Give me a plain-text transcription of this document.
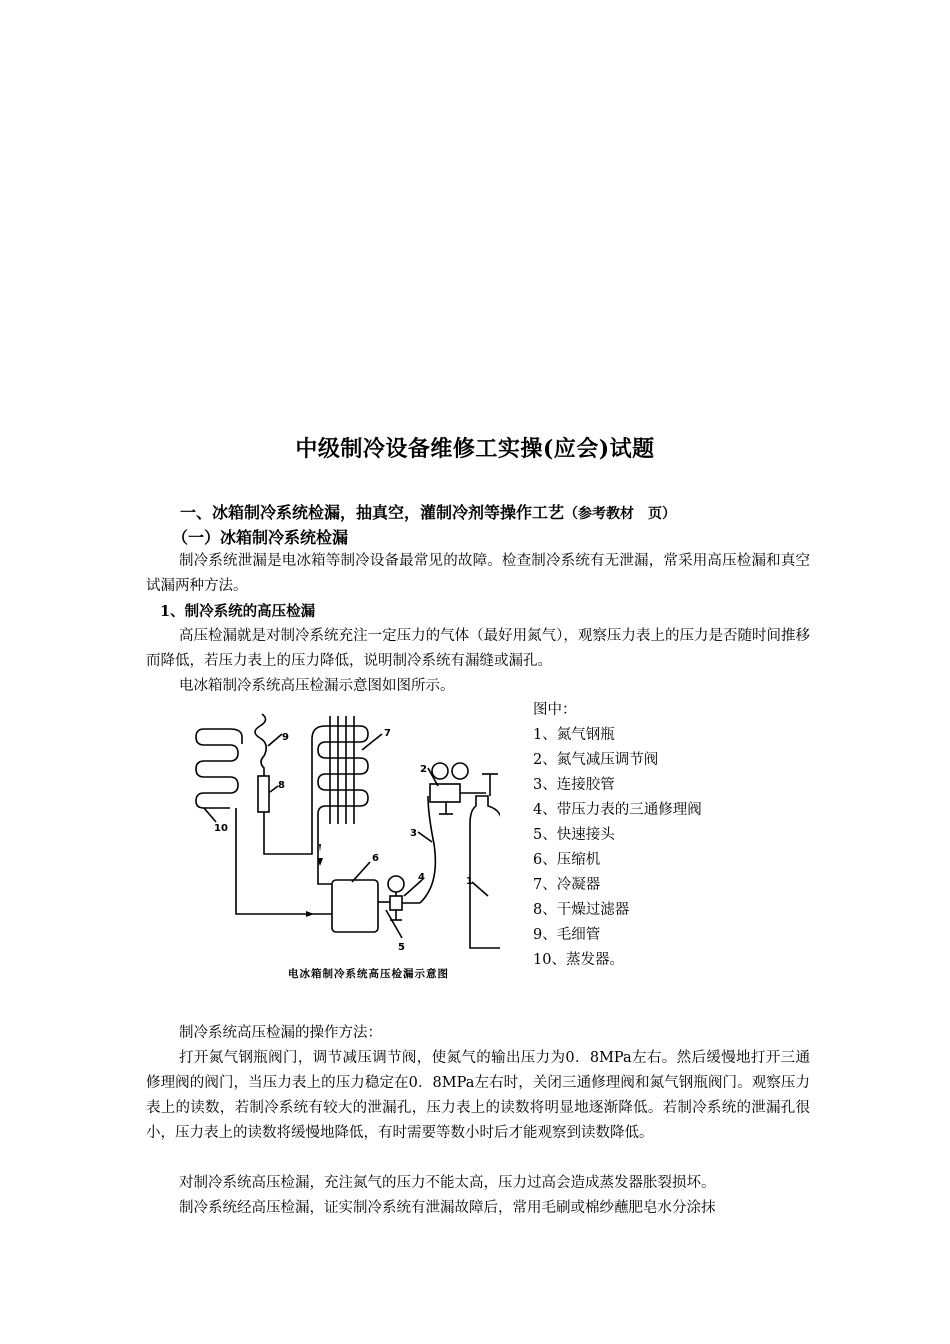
中级制冷设备维修工实操(应会)试题
一、冰箱制冷系统检漏，抽真空，灌制冷剂等操作工艺（参考教材　页）
（一）冰箱制冷系统检漏

制冷系统泄漏是电冰箱等制冷设备最常见的故障。检查制冷系统有无泄漏，常采用高压检漏和真空试漏两种方法。

1、制冷系统的高压检漏

高压检漏就是对制冷系统充注一定压力的气体（最好用氮气），观察压力表上的压力是否随时间推移而降低，若压力表上的压力降低，说明制冷系统有漏缝或漏孔。

电冰箱制冷系统高压检漏示意图如图所示。

9
8
10
7
6
2
3
4
5
1
电冰箱制冷系统高压检漏示意图
图中：
1、氮气钢瓶
2、氮气减压调节阀
3、连接胶管
4、带压力表的三通修理阀
5、快速接头
6、压缩机
7、冷凝器
8、干燥过滤器
9、毛细管
10、蒸发器。

制冷系统高压检漏的操作方法：

打开氮气钢瓶阀门，调节减压调节阀，使氮气的输出压力为0．8MPa左右。然后缓慢地打开三通修理阀的阀门，当压力表上的压力稳定在0．8MPa左右时，关闭三通修理阀和氮气钢瓶阀门。观察压力表上的读数，若制冷系统有较大的泄漏孔，压力表上的读数将明显地逐渐降低。若制冷系统的泄漏孔很小，压力表上的读数将缓慢地降低，有时需要等数小时后才能观察到读数降低。

对制冷系统高压检漏，充注氮气的压力不能太高，压力过高会造成蒸发器胀裂损坏。

制冷系统经高压检漏，证实制冷系统有泄漏故障后，常用毛刷或棉纱蘸肥皂水分涂抹
